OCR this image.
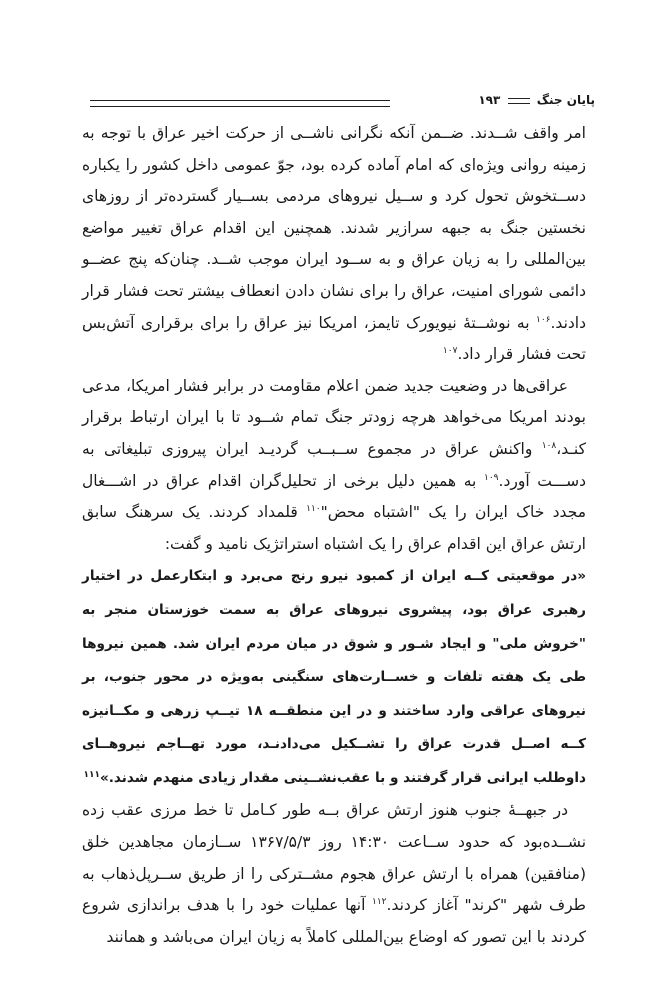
پایان جنگ  ۱۹۳

امر واقف شــدند. ضــمن آنکه نگرانی ناشــی از حرکت اخیر عراق با توجه به زمینه روانی ویژه‌ای که امام آماده کرده بود، جوّ عمومی داخل کشور را یکباره دســتخوش تحول کرد و ســیل نیروهای مردمی بســیار گسترده‌تر از روزهای نخستین جنگ به جبهه سرازیر شدند. همچنین این اقدام عراق تغییر مواضع بین‌المللی را به زیان عراق و به ســود ایران موجب شــد. چنان‌که پنج عضــو دائمی شورای امنیت، عراق را برای نشان دادن انعطاف بیشتر تحت فشار قرار دادند.$^{۱۰۶}$ به نوشــتهٔ نیویورک تایمز، امریکا نیز عراق را برای برقراری آتش‌بس تحت فشار قرار داد.$^{۱۰۷}$

عراقی‌ها در وضعیت جدید ضمن اعلام مقاومت در برابر فشار امریکا، مدعی بودند امریکا می‌خواهد هرچه زودتر جنگ تمام شــود تا با ایران ارتباط برقرار کنـد،$^{۱۰۸}$ واکنش عراق در مجموع ســبــب گردیـد ایران پیروزی تبلیغاتی به دســـت آورد.$^{۱۰۹}$ به همین دلیل برخی از تحلیل‌گران اقدام عراق در اشـــغال مجدد خاک ایران را یک "اشتباه محض"$^{۱۱۰}$ قلمداد کردند. یک سرهنگ سابق ارتش عراق این اقدام عراق را یک اشتباه استراتژیک نامید و گفت:

«در موقعیتی کــه ایران از کمبود نیرو رنج می‌برد و ابتکارعمل در اختیار رهبری عراق بود، پیشروی نیروهای عراق به سمت خوزستان منجر به "خروش ملی" و ایجاد شـور و شوق در میان مردم ایران شد. همین نیروها طی یک هفته تلفات و خســارت‌های سنگینی به‌ویژه در محور جنوب، بر نیروهای عراقی وارد ساختند و در این منطقــه ۱۸ تیــپ زرهی و مکــانیزه کــه اصــل قدرت عراق را تشــکیل می‌دادنـد، مورد تهــاجم نیروهــای داوطلب ایرانی قرار گرفتند و با عقب‌نشــینی مقدار زیادی منهدم شدند.»$^{۱۱۱}$

در جبهــهٔ جنوب هنوز ارتش عراق بــه طور کـامل تا خط مرزی عقب زده نشــده‌بود که حدود ســاعت ۱۴:۳۰ روز ۱۳۶۷/۵/۳ ســازمان مجاهدین خلق (منافقین) همراه با ارتش عراق هجوم مشــترکی را از طریق ســرپل‌ذهاب به طرف شهر "کرند" آغاز کردند.$^{۱۱۲}$ آنها عملیات خود را با هدف براندازی شروع کردند با این تصور که اوضاع بین‌المللی کاملاً به زیان ایران می‌باشد و همانند
